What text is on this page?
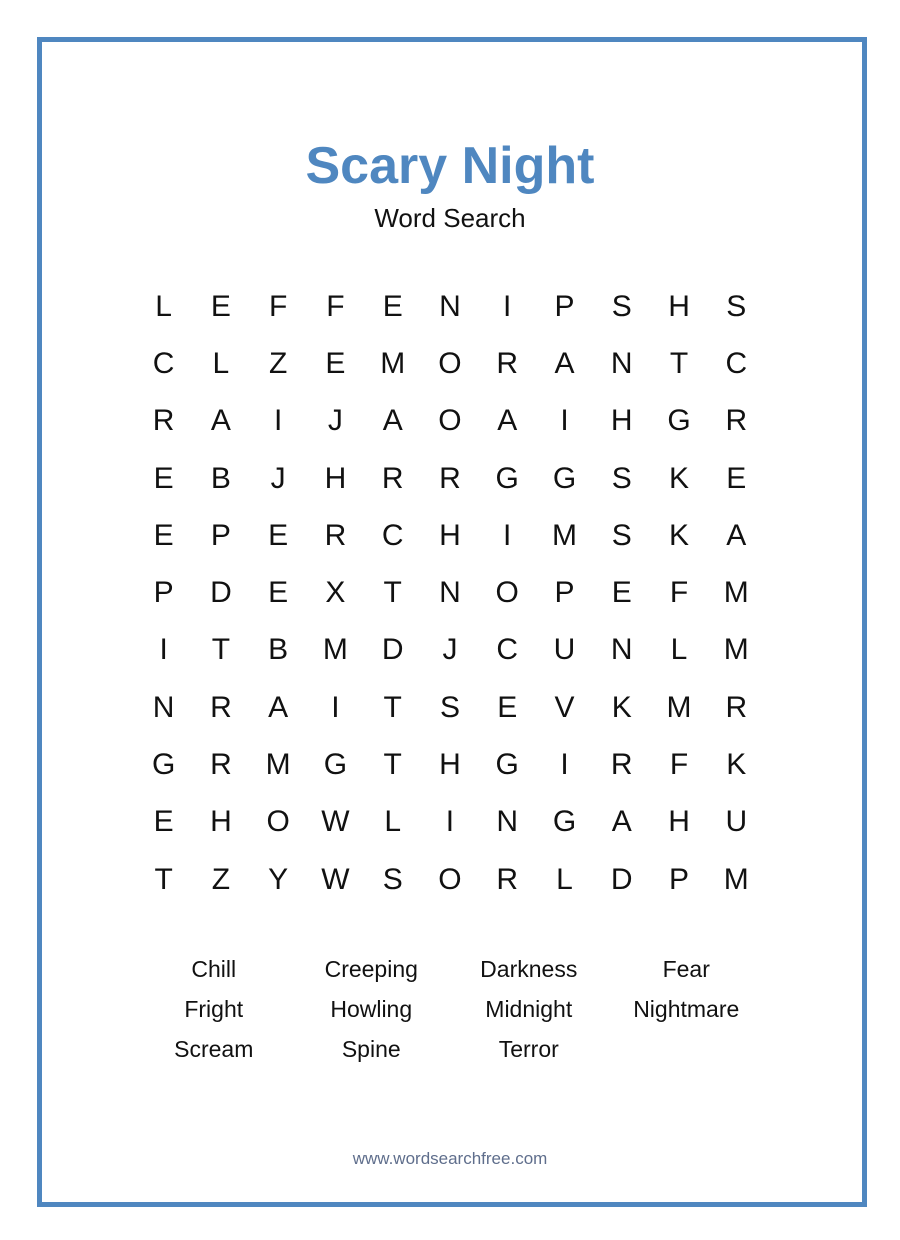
Scary Night
Word Search
L	E	F	F	E	N	I	P	S	H	S
C	L	Z	E	M	O	R	A	N	T	C
R	A	I	J	A	O	A	I	H	G	R
E	B	J	H	R	R	G	G	S	K	E
E	P	E	R	C	H	I	M	S	K	A
P	D	E	X	T	N	O	P	E	F	M
I	T	B	M	D	J	C	U	N	L	M
N	R	A	I	T	S	E	V	K	M	R
G	R	M	G	T	H	G	I	R	F	K
E	H	O	W	L	I	N	G	A	H	U
T	Z	Y	W	S	O	R	L	D	P	M
Chill	Creeping	Darkness	Fear
Fright	Howling	Midnight	Nightmare
Scream	Spine	Terror
www.wordsearchfree.com
